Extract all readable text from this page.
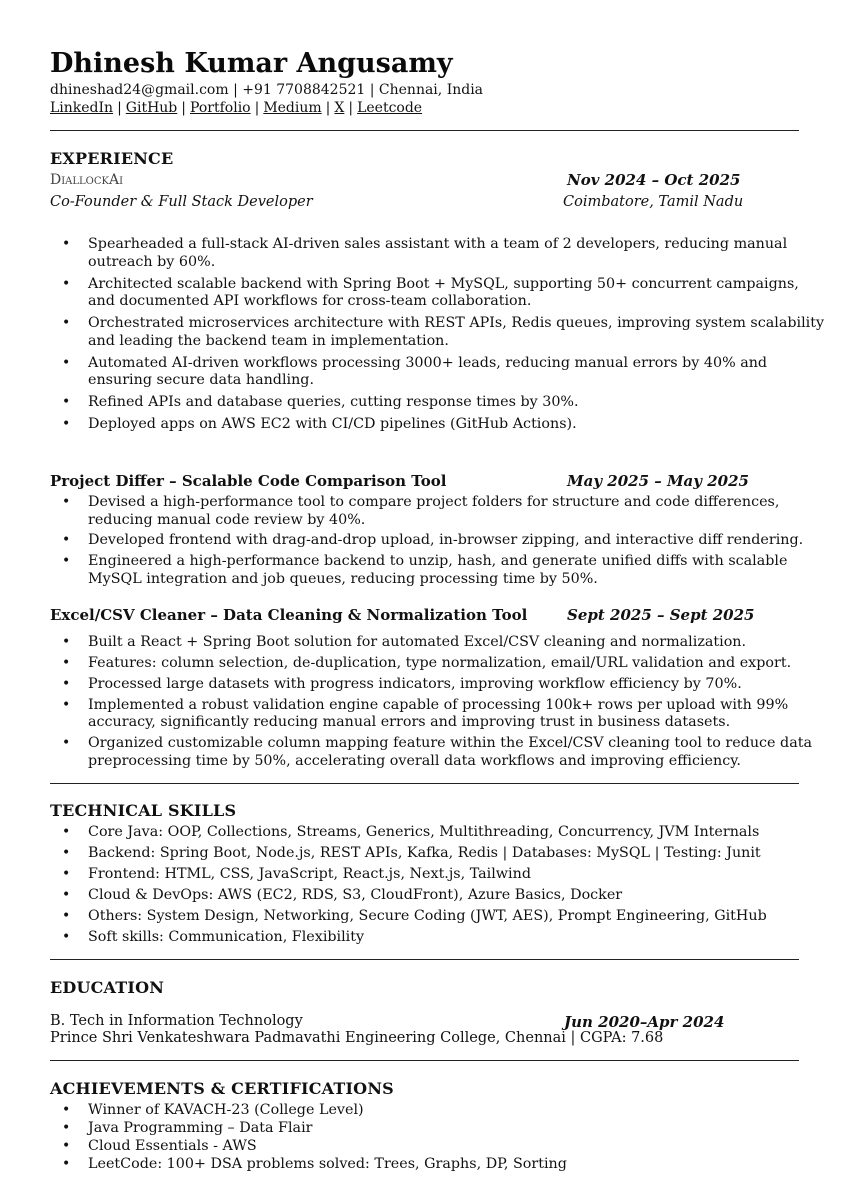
Dhinesh Kumar Angusamy
dhineshad24@gmail.com | +91 7708842521 | Chennai, India
LinkedIn | GitHub | Portfolio | Medium | X | Leetcode
EXPERIENCE
DiallockAi	Nov 2024 – Oct 2025
Co-Founder & Full Stack Developer	Coimbatore, Tamil Nadu
• Spearheaded a full-stack AI-driven sales assistant with a team of 2 developers, reducing manual
outreach by 60%.
• Architected scalable backend with Spring Boot + MySQL, supporting 50+ concurrent campaigns,
and documented API workflows for cross-team collaboration.
• Orchestrated microservices architecture with REST APIs, Redis queues, improving system scalability
and leading the backend team in implementation.
• Automated AI-driven workflows processing 3000+ leads, reducing manual errors by 40% and
ensuring secure data handling.
• Refined APIs and database queries, cutting response times by 30%.
• Deployed apps on AWS EC2 with CI/CD pipelines (GitHub Actions).
Project Differ – Scalable Code Comparison Tool	May 2025 – May 2025
• Devised a high-performance tool to compare project folders for structure and code differences,
reducing manual code review by 40%.
• Developed frontend with drag-and-drop upload, in-browser zipping, and interactive diff rendering.
• Engineered a high-performance backend to unzip, hash, and generate unified diffs with scalable
MySQL integration and job queues, reducing processing time by 50%.
Excel/CSV Cleaner – Data Cleaning & Normalization Tool	Sept 2025 – Sept 2025
• Built a React + Spring Boot solution for automated Excel/CSV cleaning and normalization.
• Features: column selection, de-duplication, type normalization, email/URL validation and export.
• Processed large datasets with progress indicators, improving workflow efficiency by 70%.
• Implemented a robust validation engine capable of processing 100k+ rows per upload with 99%
accuracy, significantly reducing manual errors and improving trust in business datasets.
• Organized customizable column mapping feature within the Excel/CSV cleaning tool to reduce data
preprocessing time by 50%, accelerating overall data workflows and improving efficiency.
TECHNICAL SKILLS
• Core Java: OOP, Collections, Streams, Generics, Multithreading, Concurrency, JVM Internals
• Backend: Spring Boot, Node.js, REST APIs, Kafka, Redis | Databases: MySQL | Testing: Junit
• Frontend: HTML, CSS, JavaScript, React.js, Next.js, Tailwind
• Cloud & DevOps: AWS (EC2, RDS, S3, CloudFront), Azure Basics, Docker
• Others: System Design, Networking, Secure Coding (JWT, AES), Prompt Engineering, GitHub
• Soft skills: Communication, Flexibility
EDUCATION
B. Tech in Information Technology	Jun 2020–Apr 2024
Prince Shri Venkateshwara Padmavathi Engineering College, Chennai | CGPA: 7.68
ACHIEVEMENTS & CERTIFICATIONS
• Winner of KAVACH-23 (College Level)
• Java Programming – Data Flair
• Cloud Essentials - AWS
• LeetCode: 100+ DSA problems solved: Trees, Graphs, DP, Sorting
